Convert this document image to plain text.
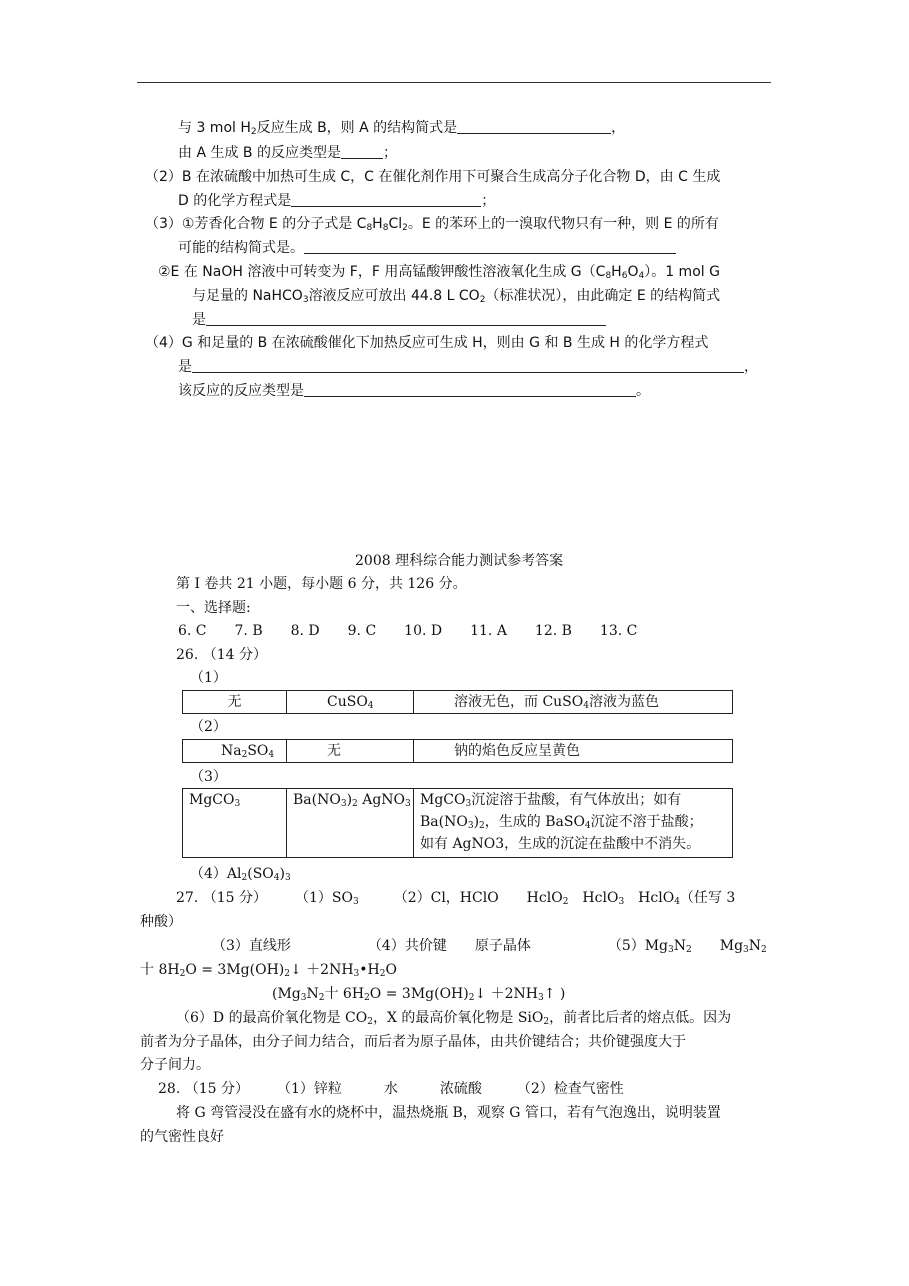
与 3 mol $H_2$反应生成 B，则 A 的结构简式是	，
由 A 生成 B 的反应类型是	；
（2）B 在浓硫酸中加热可生成 C，C 在催化剂作用下可聚合生成高分子化合物 D，由 C 生成
D 的化学方程式是	；
（3）①芳香化合物 E 的分子式是 $C_8H_8Cl_2$。E 的苯环上的一溴取代物只有一种，则 E 的所有
可能的结构简式是。
②E 在 NaOH 溶液中可转变为 F，F 用高锰酸钾酸性溶液氧化生成 $G(C_8H_6O_4)$。1 mol G
与足量的 NaHCO$_3$溶液反应可放出 44.8 L $CO_2$（标准状况），由此确定 E 的结构简式
是
（4）G 和足量的 B 在浓硫酸催化下加热反应可生成 H，则由 G 和 B 生成 H 的化学方程式
是	，
该反应的反应类型是	。
2008 理科综合能力测试参考答案
第 I 卷共 21 小题，每小题 6 分，共 126 分。
一、选择题:
6. C　　7. B　　8. D　　9. C　　10. D　　11. A　　12. B　　13. C
26. （14 分）
（1）
无	CuSO$_4$	溶液无色，而 CuSO$_4$溶液为蓝色
（2）
$Na_2SO_4$	无	钠的焰色反应呈黄色
（3）
MgCO$_3$	$Ba(NO_3)_2$ AgNO$_3$	MgCO$_3$沉淀溶于盐酸，有气体放出；如有
$Ba(NO_3)_2$，生成的 BaSO$_4$沉淀不溶于盐酸；
如有 AgNO3，生成的沉淀在盐酸中不消失。
$(4)Al_2(SO_4)_3$
27. （15 分）　　　$(1)SO_3$　　　（2）Cl，HClO　　HclO$_2$　HclO$_3$　HclO$_4$（任写 3
种酸）
（3）直线形　　　　　　（4）共价键　　原子晶体　　　　　　$(5)Mg_3N_2$　　$Mg_3N_2$
十 $8H_2O$ = $3Mg(OH)_2↓$ $+2NH_3•H_2O$
($Mg_3N_2$十 $6H_2O$ = $3Mg(OH)_2↓$ $+2NH_3↑$ )
（6）D 的最高价氧化物是 $CO_2$，X 的最高价氧化物是 SiO$_2$，前者比后者的熔点低。因为
前者为分子晶体，由分子间力结合，而后者为原子晶体，由共价键结合；共价键强度大于
分子间力。
28. （15 分）　　　（1）锌粒　　　水　　　浓硫酸　　　（2）检查气密性
将 G 弯管浸没在盛有水的烧杯中，温热烧瓶 B，观察 G 管口，若有气泡逸出，说明装置
的气密性良好
